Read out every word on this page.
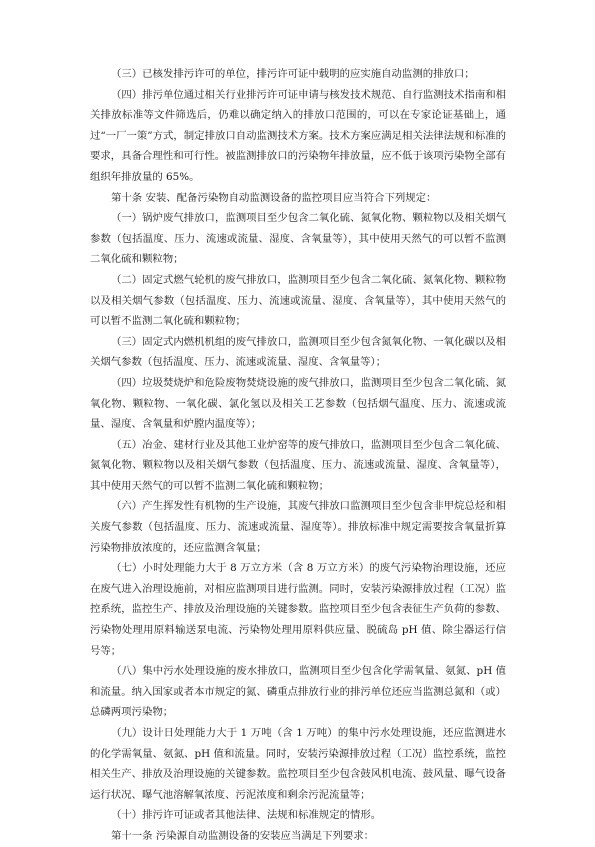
（三）已核发排污许可的单位，排污许可证中载明的应实施自动监测的排放口；

（四）排污单位通过相关行业排污许可证申请与核发技术规范、自行监测技术指南和相关排放标准等文件筛选后，仍难以确定纳入的排放口范围的，可以在专家论证基础上，通过“一厂一策”方式，制定排放口自动监测技术方案。技术方案应满足相关法律法规和标准的要求，具备合理性和可行性。被监测排放口的污染物年排放量，应不低于该项污染物全部有组织年排放量的 65%。

第十条 安装、配备污染物自动监测设备的监控项目应当符合下列规定：

（一）锅炉废气排放口，监测项目至少包含二氧化硫、氮氧化物、颗粒物以及相关烟气参数（包括温度、压力、流速或流量、湿度、含氧量等），其中使用天然气的可以暂不监测二氧化硫和颗粒物；

（二）固定式燃气轮机的废气排放口，监测项目至少包含二氧化硫、氮氧化物、颗粒物以及相关烟气参数（包括温度、压力、流速或流量、湿度、含氧量等），其中使用天然气的可以暂不监测二氧化硫和颗粒物；

（三）固定式内燃机机组的废气排放口，监测项目至少包含氮氧化物、一氧化碳以及相关烟气参数（包括温度、压力、流速或流量、湿度、含氧量等）；

（四）垃圾焚烧炉和危险废物焚烧设施的废气排放口，监测项目至少包含二氧化硫、氮氧化物、颗粒物、一氧化碳、氯化氢以及相关工艺参数（包括烟气温度、压力、流速或流量、湿度、含氧量和炉膛内温度等）；

（五）冶金、建材行业及其他工业炉窑等的废气排放口，监测项目至少包含二氧化硫、氮氧化物、颗粒物以及相关烟气参数（包括温度、压力、流速或流量、湿度、含氧量等），其中使用天然气的可以暂不监测二氧化硫和颗粒物；

（六）产生挥发性有机物的生产设施，其废气排放口监测项目至少包含非甲烷总烃和相关废气参数（包括温度、压力、流速或流量、湿度等）。排放标准中规定需要按含氧量折算污染物排放浓度的，还应监测含氧量；

（七）小时处理能力大于 8 万立方米（含 8 万立方米）的废气污染物治理设施，还应在废气进入治理设施前，对相应监测项目进行监测。同时，安装污染源排放过程（工况）监控系统，监控生产、排放及治理设施的关键参数。监控项目至少包含表征生产负荷的参数、污染物处理用原料输送泵电流、污染物处理用原料供应量、脱硫岛 pH 值、除尘器运行信号等；

（八）集中污水处理设施的废水排放口，监测项目至少包含化学需氧量、氨氮、pH 值和流量。纳入国家或者本市规定的氮、磷重点排放行业的排污单位还应当监测总氮和（或）总磷两项污染物；

（九）设计日处理能力大于 1 万吨（含 1 万吨）的集中污水处理设施，还应监测进水的化学需氧量、氨氮、pH 值和流量。同时，安装污染源排放过程（工况）监控系统，监控相关生产、排放及治理设施的关键参数。监控项目至少包含鼓风机电流、鼓风量、曝气设备运行状况、曝气池溶解氧浓度、污泥浓度和剩余污泥流量等；

（十）排污许可证或者其他法律、法规和标准规定的情形。

第十一条 污染源自动监测设备的安装应当满足下列要求：
